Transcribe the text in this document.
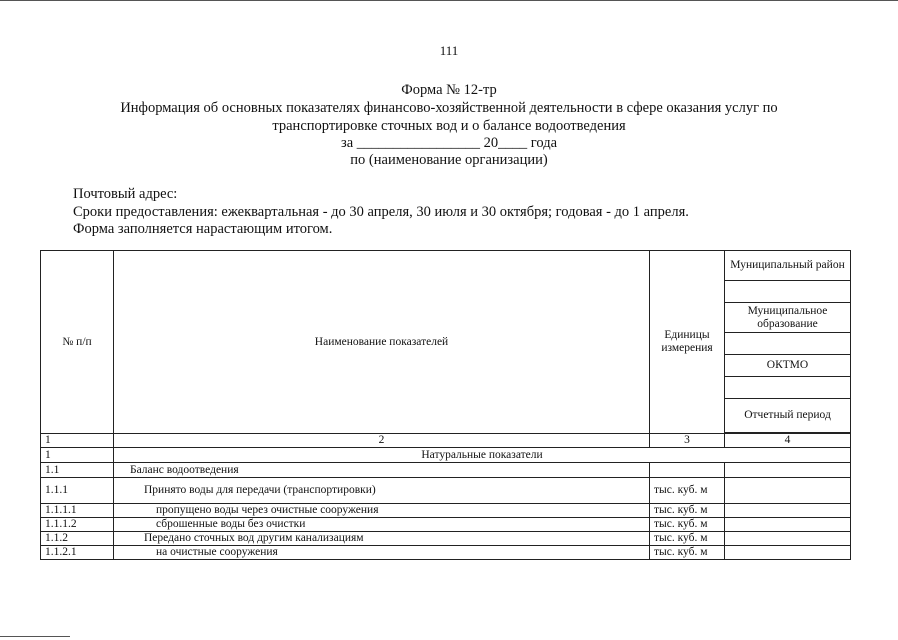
111
Форма № 12-тр
Информация об основных показателях финансово-хозяйственной деятельности в сфере оказания услуг по
транспортировке сточных вод и о балансе водоотведения
за _________________ 20____ года
по (наименование организации)
Почтовый адрес:
Сроки предоставления: ежеквартальная - до 30 апреля, 30 июля и 30 октября; годовая - до 1 апреля.
Форма заполняется нарастающим итогом.
№ п/п	Наименование показателей	Единицы измерения	Муниципальный район

			Муниципальное образование

			ОКТМО

			Отчетный период

1	2	3	4
1	Натуральные показатели		
1.1	Баланс водоотведения		
1.1.1	Принято воды для передачи (транспортировки)	тыс. куб. м	
1.1.1.1	пропущено воды через очистные сооружения	тыс. куб. м	
1.1.1.2	сброшенные воды без очистки	тыс. куб. м	
1.1.2	Передано сточных вод другим канализациям	тыс. куб. м	
1.1.2.1	на очистные сооружения	тыс. куб. м	
